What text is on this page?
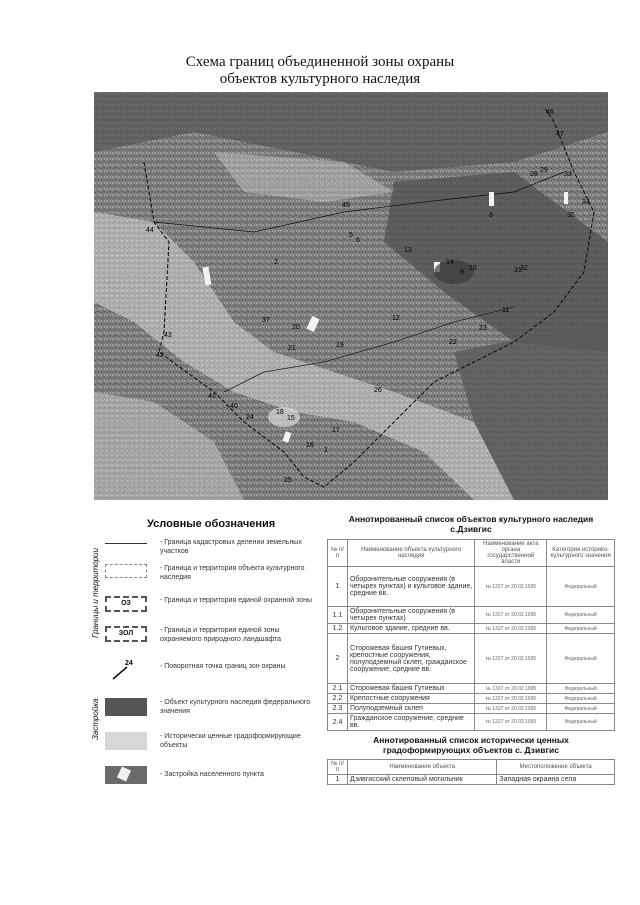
Схема границ объединенной зоны охраны
объектов культурного наследия
1
2
5
6
8
9
10
11
12
13
14
15
16
17
18
19
20
21
22
23
24
25
26
28
29
31
32
33
34
35
37
40
41
42
43
44
45
46
47
Условные обозначения
Границы и территории
Застройка
- Граница кадастровых делении земельных участков
- Граница и территория объекта культурного наследия
ОЗ	- Граница и территория единой охранной зоны
ЗОЛ	- Граница и территория единой зоны охраняемого природного ландшафта
24	- Поворотная точка границ зон охраны
- Объект культурного наследия федерального значения
- Исторически ценные градоформирующие объекты
- Застройка населенного пункта
Аннотированный список объектов культурного наследия
с.Дзивгис
№ п/п	Наименование объекта культурного наследия	Наименование акта органа государственной власти	Категория историко-культурного значения
1	Оборонительные сооружения (в четырех пунктах) и культовое здание, средние вв.	№ 1327 от 20.02.1995	Федеральный
1.1	Оборонительные сооружения (в четырех пунктах)	№ 1327 от 20.02.1995	Федеральный
1.2	Культовое здание, средние вв.	№ 1327 от 20.02.1995	Федеральный
2	Сторожевая башня Гутиевых, крепостные сооружения, полуподземный склеп, гражданское сооружение, средние вв.	№ 1327 от 20.02.1995	Федеральный
2.1	Сторожевая башня Гутиевых	№ 1327 от 20.02.1995	Федеральный
2.2	Крепостные сооружения	№ 1327 от 20.02.1995	Федеральный
2.3	Полуподземный склеп	№ 1327 от 20.02.1995	Федеральный
2.4	Гражданское сооружение, средние вв.	№ 1327 от 20.02.1995	Федеральный
Аннотированный список исторически ценных
градоформирующих объектов с. Дзивгис
№ п/п	Наименование объекта	Местоположение объекта
1	Дзивгисский склеповый могильник	Западная окраина села
